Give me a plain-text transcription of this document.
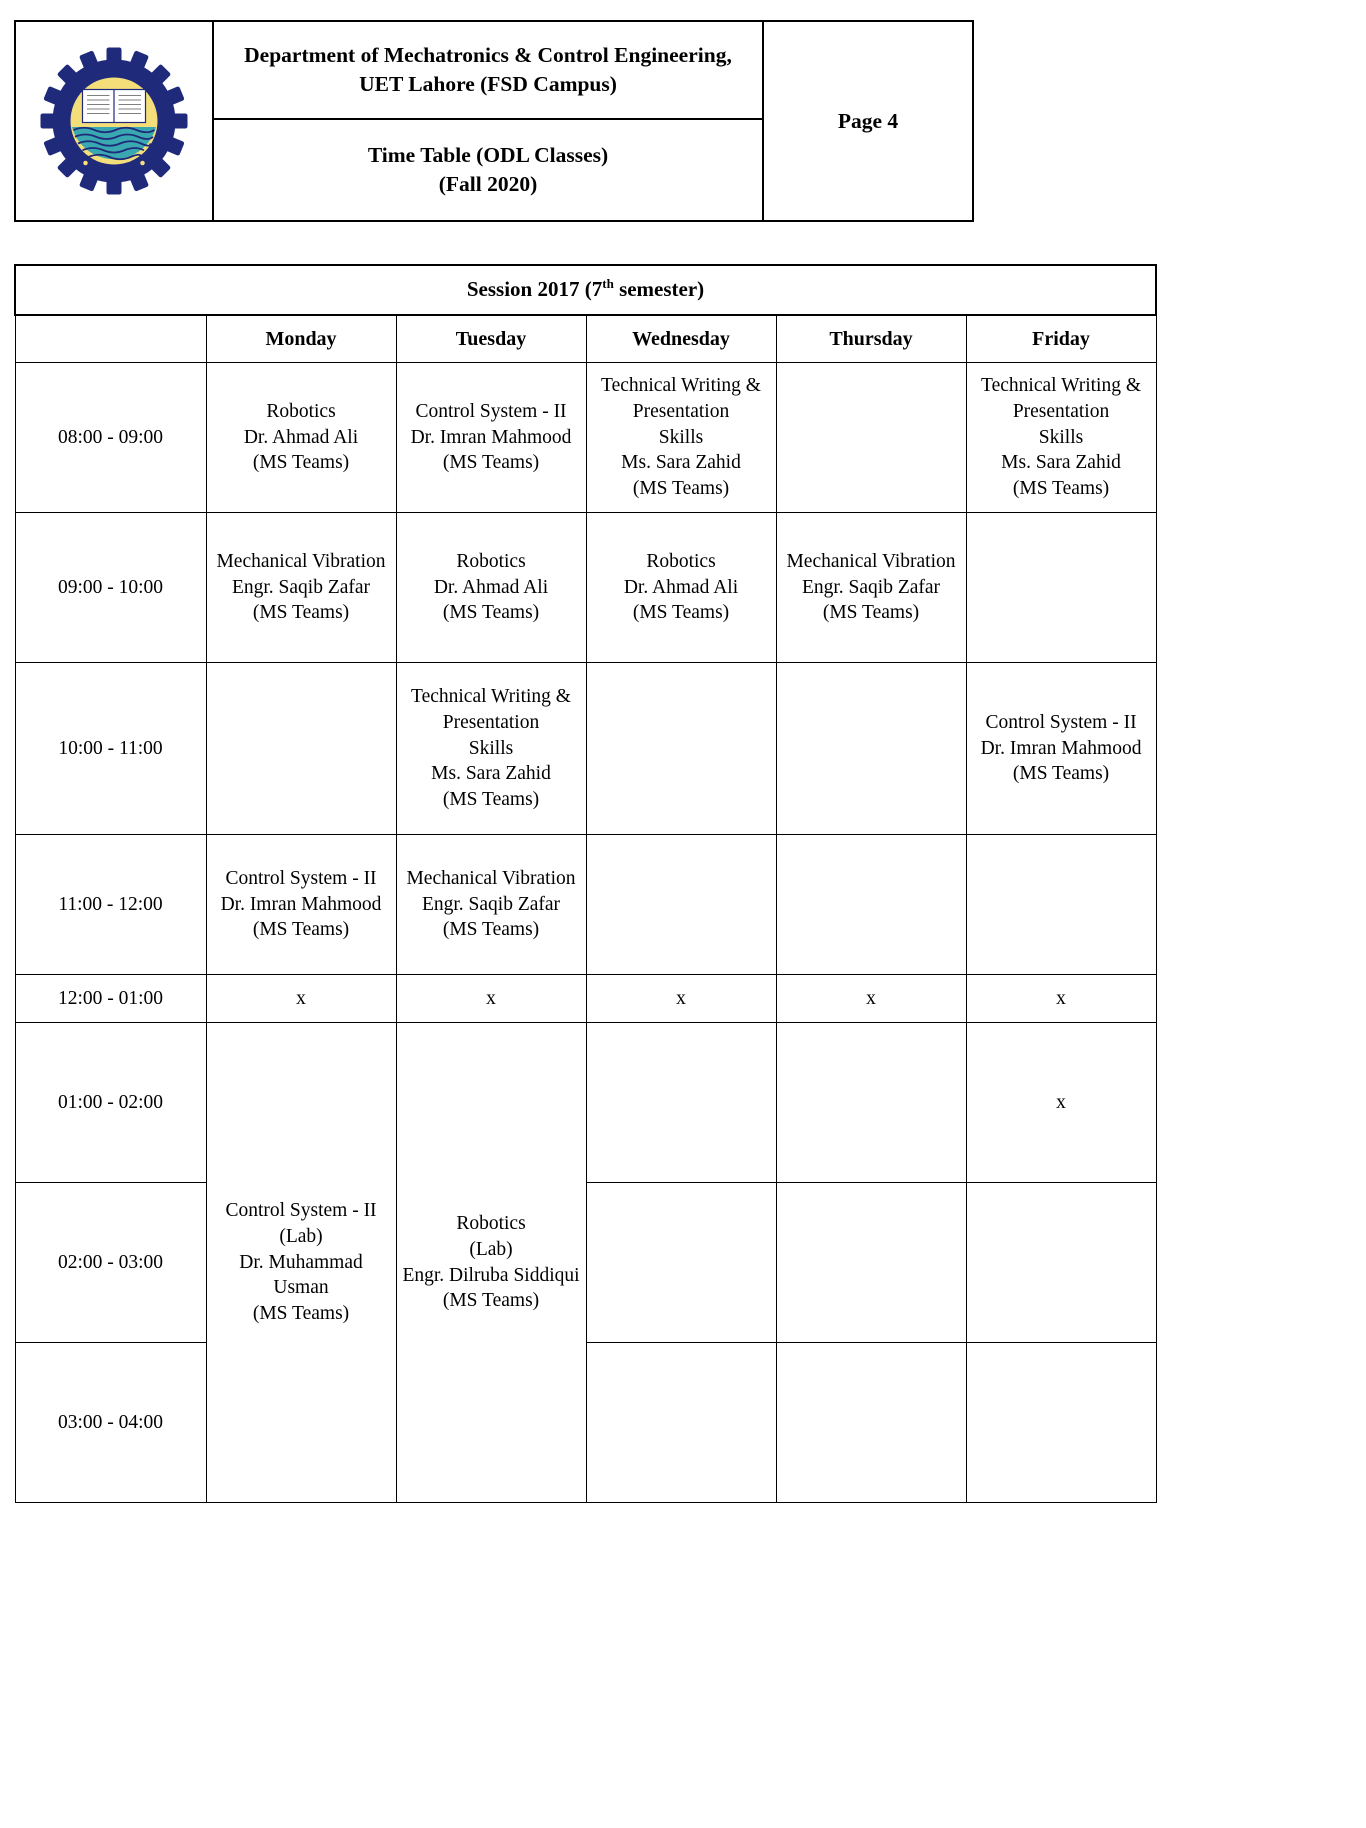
	Department of Mechatronics & Control Engineering, UET Lahore (FSD Campus)	Page 4

Time Table (ODL Classes)
(Fall 2020)
Session 2017 (7th semester)					
	Monday	Tuesday	Wednesday	Thursday	Friday
08:00 - 09:00	Robotics
Dr. Ahmad Ali
(MS Teams)	Control System - II
Dr. Imran Mahmood
(MS Teams)	Technical Writing &
Presentation
Skills
Ms. Sara Zahid
(MS Teams)		Technical Writing &
Presentation
Skills
Ms. Sara Zahid
(MS Teams)

09:00 - 10:00	Mechanical Vibration
Engr. Saqib Zafar
(MS Teams)	Robotics
Dr. Ahmad Ali
(MS Teams)	Robotics
Dr. Ahmad Ali
(MS Teams)	Mechanical Vibration
Engr. Saqib Zafar
(MS Teams)	

10:00 - 11:00		Technical Writing &
Presentation
Skills
Ms. Sara Zahid
(MS Teams)			Control System - II
Dr. Imran Mahmood
(MS Teams)

11:00 - 12:00	Control System - II
Dr. Imran Mahmood
(MS Teams)	Mechanical Vibration
Engr. Saqib Zafar
(MS Teams)			

12:00 - 01:00	x	x	x	x	x

01:00 - 02:00	Control System - II
(Lab)
Dr. Muhammad
Usman
(MS Teams)	Robotics
(Lab)
Engr. Dilruba Siddiqui
(MS Teams)			x

02:00 - 03:00			

03:00 - 04:00			
